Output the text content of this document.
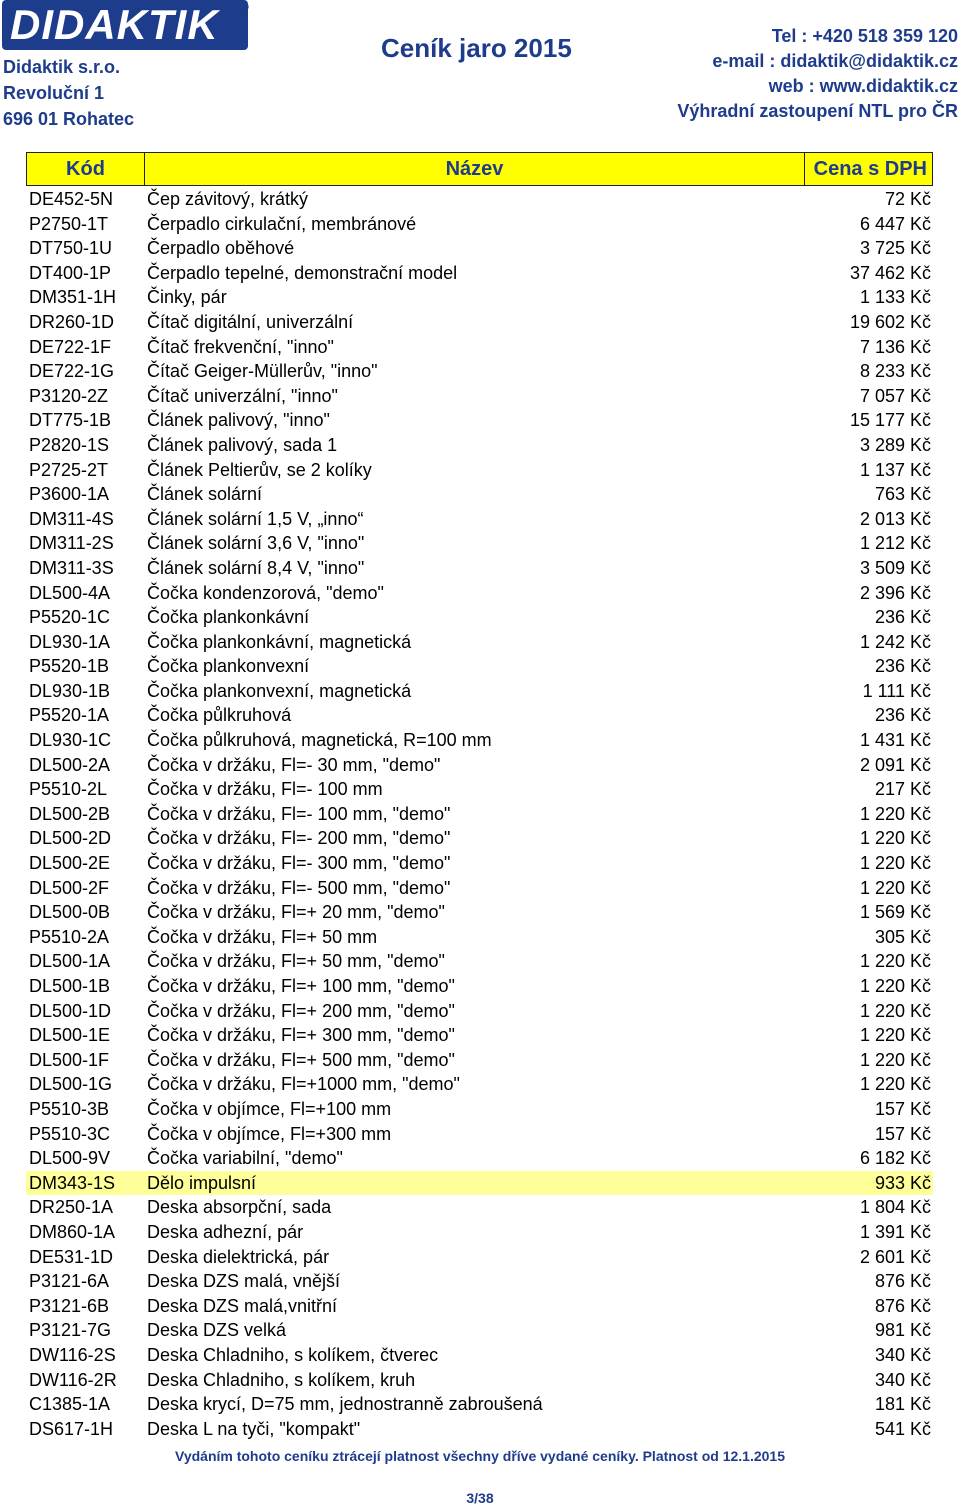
DIDAKTIK	®
Didaktik s.r.o.
Revoluční 1
696 01 Rohatec
Ceník jaro 2015	Tel : +420 518 359 120
e-mail : didaktik@didaktik.cz
web : www.didaktik.cz
Výhradní zastoupení NTL pro ČR
Kód	Název	Cena s DPH
DE452-5N	Čep závitový, krátký	72 Kč
P2750-1T	Čerpadlo cirkulační, membránové	6 447 Kč
DT750-1U	Čerpadlo oběhové	3 725 Kč
DT400-1P	Čerpadlo tepelné, demonstrační model	37 462 Kč
DM351-1H	Činky, pár	1 133 Kč
DR260-1D	Čítač digitální, univerzální	19 602 Kč
DE722-1F	Čítač frekvenční, "inno"	7 136 Kč
DE722-1G	Čítač Geiger-Müllerův, "inno"	8 233 Kč
P3120-2Z	Čítač univerzální, "inno"	7 057 Kč
DT775-1B	Článek palivový, "inno"	15 177 Kč
P2820-1S	Článek palivový, sada 1	3 289 Kč
P2725-2T	Článek Peltierův, se 2 kolíky	1 137 Kč
P3600-1A	Článek solární	763 Kč
DM311-4S	Článek solární 1,5 V, „inno“	2 013 Kč
DM311-2S	Článek solární 3,6 V, "inno"	1 212 Kč
DM311-3S	Článek solární 8,4 V, "inno"	3 509 Kč
DL500-4A	Čočka kondenzorová, "demo"	2 396 Kč
P5520-1C	Čočka plankonkávní	236 Kč
DL930-1A	Čočka plankonkávní, magnetická	1 242 Kč
P5520-1B	Čočka plankonvexní	236 Kč
DL930-1B	Čočka plankonvexní, magnetická	1 111 Kč
P5520-1A	Čočka půlkruhová	236 Kč
DL930-1C	Čočka půlkruhová, magnetická, R=100 mm	1 431 Kč
DL500-2A	Čočka v držáku, Fl=- 30 mm, "demo"	2 091 Kč
P5510-2L	Čočka v držáku, Fl=- 100 mm	217 Kč
DL500-2B	Čočka v držáku, Fl=- 100 mm, "demo"	1 220 Kč
DL500-2D	Čočka v držáku, Fl=- 200 mm, "demo"	1 220 Kč
DL500-2E	Čočka v držáku, Fl=- 300 mm, "demo"	1 220 Kč
DL500-2F	Čočka v držáku, Fl=- 500 mm, "demo"	1 220 Kč
DL500-0B	Čočka v držáku, Fl=+ 20 mm, "demo"	1 569 Kč
P5510-2A	Čočka v držáku, Fl=+ 50 mm	305 Kč
DL500-1A	Čočka v držáku, Fl=+ 50 mm, "demo"	1 220 Kč
DL500-1B	Čočka v držáku, Fl=+ 100 mm, "demo"	1 220 Kč
DL500-1D	Čočka v držáku, Fl=+ 200 mm, "demo"	1 220 Kč
DL500-1E	Čočka v držáku, Fl=+ 300 mm, "demo"	1 220 Kč
DL500-1F	Čočka v držáku, Fl=+ 500 mm, "demo"	1 220 Kč
DL500-1G	Čočka v držáku, Fl=+1000 mm, "demo"	1 220 Kč
P5510-3B	Čočka v objímce, Fl=+100 mm	157 Kč
P5510-3C	Čočka v objímce, Fl=+300 mm	157 Kč
DL500-9V	Čočka variabilní, "demo"	6 182 Kč
DM343-1S	Dělo impulsní	933 Kč
DR250-1A	Deska absorpční, sada	1 804 Kč
DM860-1A	Deska adhezní, pár	1 391 Kč
DE531-1D	Deska dielektrická, pár	2 601 Kč
P3121-6A	Deska DZS malá, vnější	876 Kč
P3121-6B	Deska DZS malá,vnitřní	876 Kč
P3121-7G	Deska DZS velká	981 Kč
DW116-2S	Deska Chladniho, s kolíkem, čtverec	340 Kč
DW116-2R	Deska Chladniho, s kolíkem, kruh	340 Kč
C1385-1A	Deska krycí, D=75 mm, jednostranně zabroušená	181 Kč
DS617-1H	Deska L na tyči, "kompakt"	541 Kč
Vydáním tohoto ceníku ztrácejí platnost všechny dříve vydané ceníky. Platnost od 12.1.2015
3/38
